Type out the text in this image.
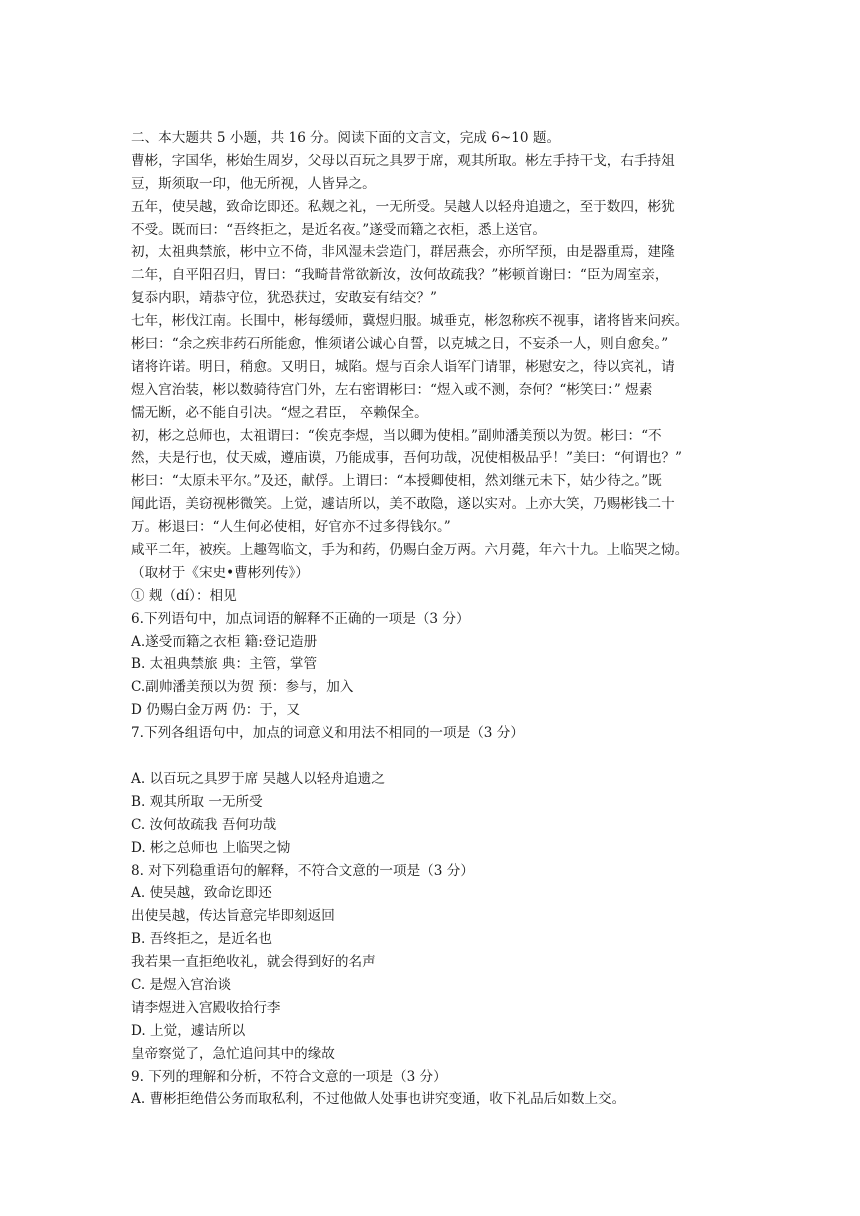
二、本大题共 5 小题，共 16 分。阅读下面的文言文，完成 6~10 题。
曹彬，字国华，彬始生周岁，父母以百玩之具罗于席，观其所取。彬左手持干戈，右手持俎
豆，斯须取一印，他无所视，人皆异之。
五年，使吴越，致命讫即还。私觌之礼，一无所受。吴越人以轻舟追遗之，至于数四，彬犹
不受。既而曰：“吾终拒之，是近名夜。”遂受而籍之衣柜，悉上送官。
初，太祖典禁旅，彬中立不倚，非风湿未尝造门，群居燕会，亦所罕预，由是器重焉，建隆
二年，自平阳召归，胃曰：“我畸昔常欲新汝，汝何故疏我？”彬顿首谢曰：“臣为周室亲，
复忝内职，靖恭守位，犹恐获过，安敢妄有结交？”
七年，彬伐江南。长围中，彬每缓师，冀煜归服。城垂克，彬忽称疾不视事，诸将皆来问疾。
彬曰：“余之疾非药石所能愈，惟须诸公诚心自誓，以克城之日，不妄杀一人，则自愈矣。”
诸将许诺。明日，稍愈。又明日，城陷。煜与百余人诣军门请罪，彬慰安之，待以宾礼，请
煜入宫治装，彬以数骑待宫门外，左右密谓彬曰：“煜入或不测，奈何？“彬笑曰：” 煜素
懦无断，必不能自引决。“煜之君臣， 卒赖保全。
初，彬之总师也，太祖谓曰：“俟克李煜，当以卿为使相。”副帅潘美预以为贺。彬曰：“不
然，夫是行也，仗天威，遵庙谟，乃能成事，吾何功哉，况使相极品乎！”美曰：“何谓也？”
彬曰：“太原未平尔。”及还，献俘。上谓曰：“本授卿使相，然刘继元未下，姑少待之。”既
闻此语，美窃视彬微笑。上觉，遽诘所以，美不敢隐，遂以实对。上亦大笑，乃赐彬钱二十
万。彬退曰：“人生何必使相，好官亦不过多得钱尔。”
咸平二年，被疾。上趣驾临文，手为和药，仍赐白金万两。六月薨，年六十九。上临哭之恸。
（取材于《宋史•曹彬列传》）
① 觌（dí）：相见
6.下列语句中，加点词语的解释不正确的一项是（3 分）
A.遂受而籍之衣柜 籍:登记造册
B. 太祖典禁旅 典：主管，掌管
C.副帅潘美预以为贺 预：参与，加入
D 仍赐白金万两 仍：于，又
7.下列各组语句中，加点的词意义和用法不相同的一项是（3 分）
A. 以百玩之具罗于席 吴越人以轻舟追遗之
B. 观其所取 一无所受
C. 汝何故疏我 吾何功哉
D. 彬之总师也 上临哭之恸
8. 对下列稳重语句的解释，不符合文意的一项是（3 分）
A. 使吴越，致命讫即还
出使吴越，传达旨意完毕即刻返回
B. 吾终拒之，是近名也
我若果一直拒绝收礼，就会得到好的名声
C. 是煜入宫治谈
请李煜进入宫殿收拾行李
D. 上觉，遽诘所以
皇帝察觉了，急忙追问其中的缘故
9. 下列的理解和分析，不符合文意的一项是（3 分）
A. 曹彬拒绝借公务而取私利，不过他做人处事也讲究变通，收下礼品后如数上交。
